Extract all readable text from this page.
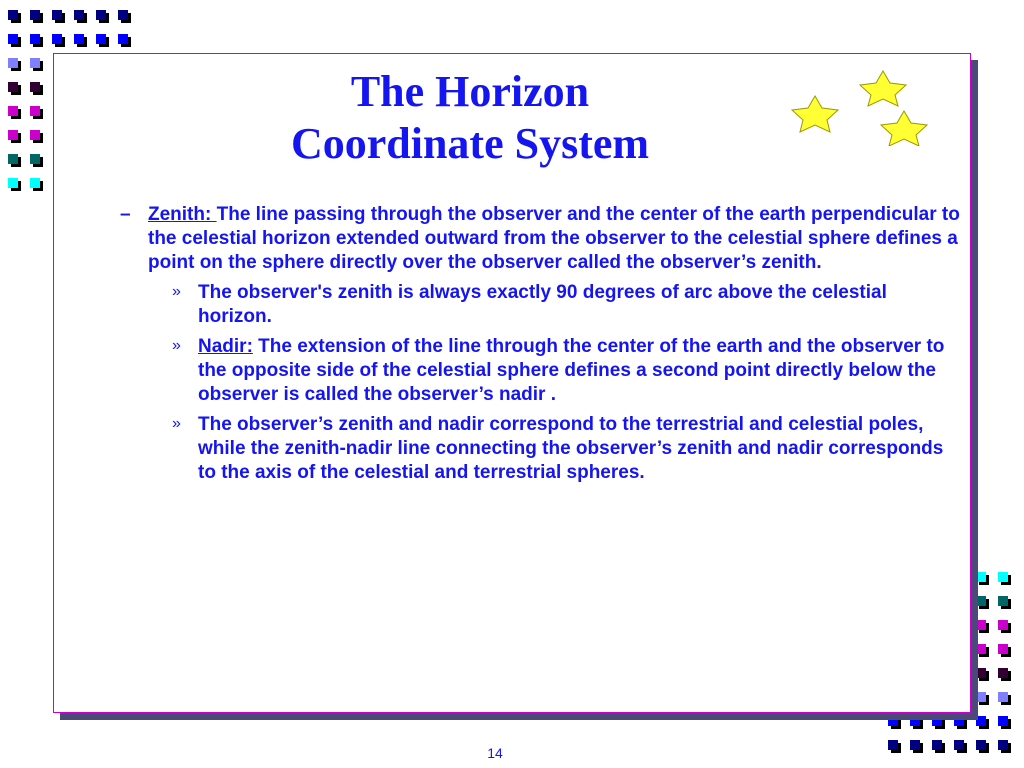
The Horizon
Coordinate System
– Zenith: The line passing through the observer and the center of the earth perpendicular to the celestial horizon extended outward from the observer to the celestial sphere defines a point on the sphere directly over the observer called the observer’s zenith.
» The observer's zenith is always exactly 90 degrees of arc above the celestial horizon.
» Nadir: The extension of the line through the center of the earth and the observer to the opposite side of the celestial sphere defines a second point directly below the observer is called the observer’s nadir .
» The observer’s zenith and nadir correspond to the terrestrial and celestial poles, while the zenith-nadir line connecting the observer’s zenith and nadir corresponds to the axis of the celestial and terrestrial spheres.
14
